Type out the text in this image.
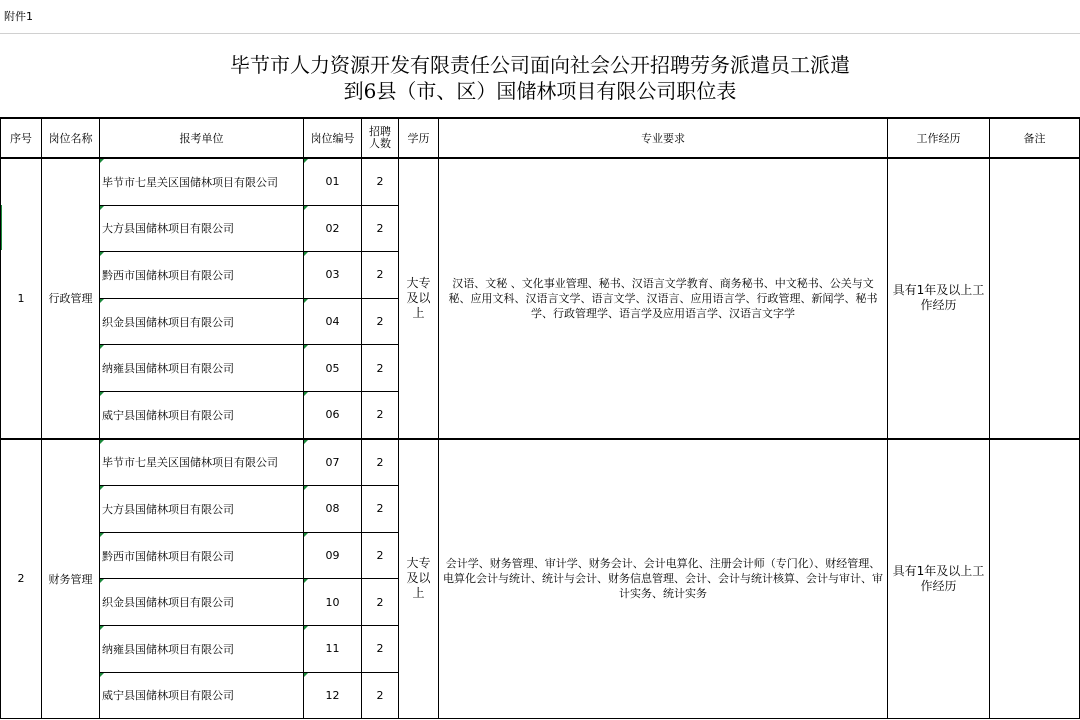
附件1
毕节市人力资源开发有限责任公司面向社会公开招聘劳务派遣员工派遣
到6县（市、区）国储林项目有限公司职位表
序号	岗位名称	报考单位	岗位编号	招聘人数	学历	专业要求	工作经历	备注
1	行政管理	毕节市七星关区国储林项目有限公司	01	2	大专及以上	汉语、文秘 、文化事业管理、秘书、汉语言文学教育、商务秘书、中文秘书、公关与文秘、应用文科、汉语言文学、语言文学、汉语言、应用语言学、行政管理、新闻学、秘书学、行政管理学、语言学及应用语言学、汉语言文字学	具有1年及以上工作经历	
		大方县国储林项目有限公司	02	2				
		黔西市国储林项目有限公司	03	2				
		织金县国储林项目有限公司	04	2				
		纳雍县国储林项目有限公司	05	2				
		威宁县国储林项目有限公司	06	2				
2	财务管理	毕节市七星关区国储林项目有限公司	07	2	大专及以上	会计学、财务管理、审计学、财务会计、会计电算化、注册会计师（专门化）、财经管理、电算化会计与统计、统计与会计、财务信息管理、会计、会计与统计核算、会计与审计、审计实务、统计实务	具有1年及以上工作经历	
		大方县国储林项目有限公司	08	2				
		黔西市国储林项目有限公司	09	2				
		织金县国储林项目有限公司	10	2				
		纳雍县国储林项目有限公司	11	2				
		威宁县国储林项目有限公司	12	2				
